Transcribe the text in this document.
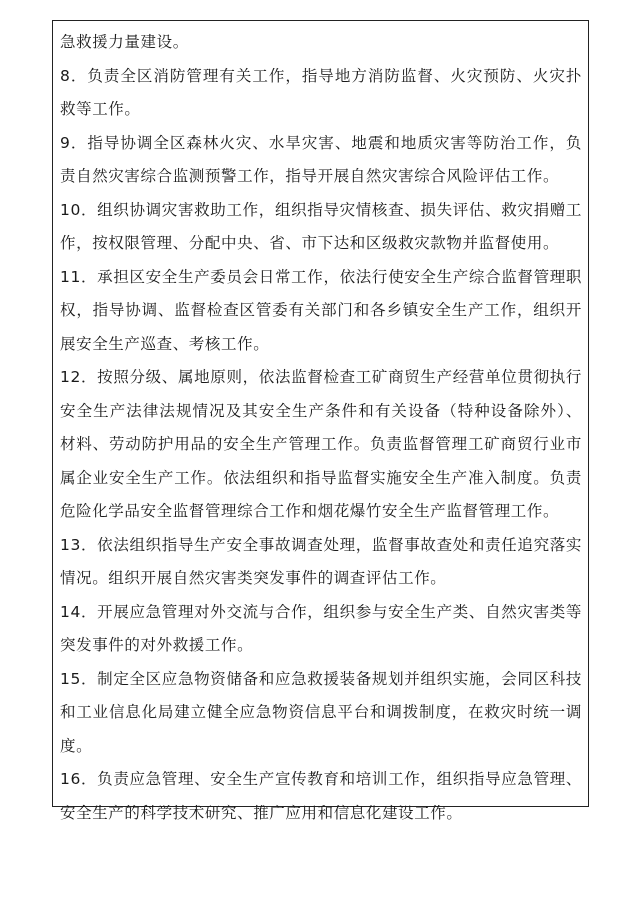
急救援力量建设。

8．负责全区消防管理有关工作，指导地方消防监督、火灾预防、火灾扑救等工作。

9．指导协调全区森林火灾、水旱灾害、地震和地质灾害等防治工作，负责自然灾害综合监测预警工作，指导开展自然灾害综合风险评估工作。

10．组织协调灾害救助工作，组织指导灾情核查、损失评估、救灾捐赠工作，按权限管理、分配中央、省、市下达和区级救灾款物并监督使用。

11．承担区安全生产委员会日常工作，依法行使安全生产综合监督管理职权，指导协调、监督检查区管委有关部门和各乡镇安全生产工作，组织开展安全生产巡查、考核工作。

12．按照分级、属地原则，依法监督检查工矿商贸生产经营单位贯彻执行安全生产法律法规情况及其安全生产条件和有关设备（特种设备除外）、材料、劳动防护用品的安全生产管理工作。负责监督管理工矿商贸行业市属企业安全生产工作。依法组织和指导监督实施安全生产准入制度。负责危险化学品安全监督管理综合工作和烟花爆竹安全生产监督管理工作。

13．依法组织指导生产安全事故调查处理，监督事故查处和责任追究落实情况。组织开展自然灾害类突发事件的调查评估工作。

14．开展应急管理对外交流与合作，组织参与安全生产类、自然灾害类等突发事件的对外救援工作。

15．制定全区应急物资储备和应急救援装备规划并组织实施，会同区科技和工业信息化局建立健全应急物资信息平台和调拨制度，在救灾时统一调度。

16．负责应急管理、安全生产宣传教育和培训工作，组织指导应急管理、安全生产的科学技术研究、推广应用和信息化建设工作。
